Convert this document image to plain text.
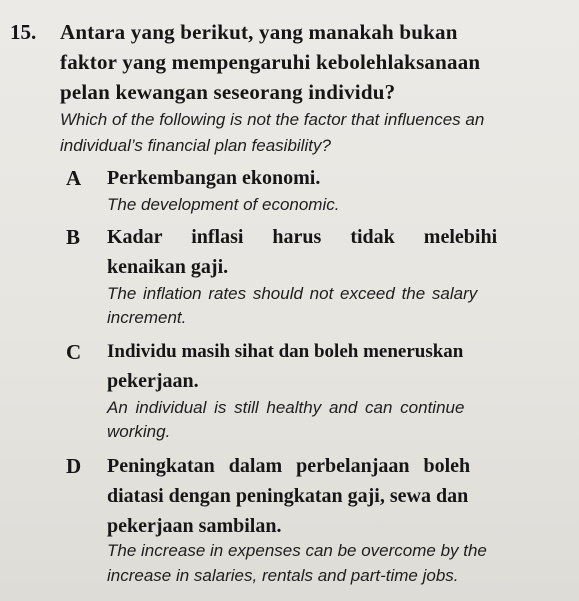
15. Antara yang berikut, yang manakah bukan
faktor yang mempengaruhi kebolehlaksanaan
pelan kewangan seseorang individu?
Which of the following is not the factor that influences an
individual’s financial plan feasibility?
A Perkembangan ekonomi.
The development of economic.
B Kadar inflasi harus tidak melebihi
kenaikan gaji.
The inflation rates should not exceed the salary
increment.
C Individu masih sihat dan boleh meneruskan
pekerjaan.
An individual is still healthy and can continue
working.
D Peningkatan dalam perbelanjaan boleh
diatasi dengan peningkatan gaji, sewa dan
pekerjaan sambilan.
The increase in expenses can be overcome by the
increase in salaries, rentals and part-time jobs.
